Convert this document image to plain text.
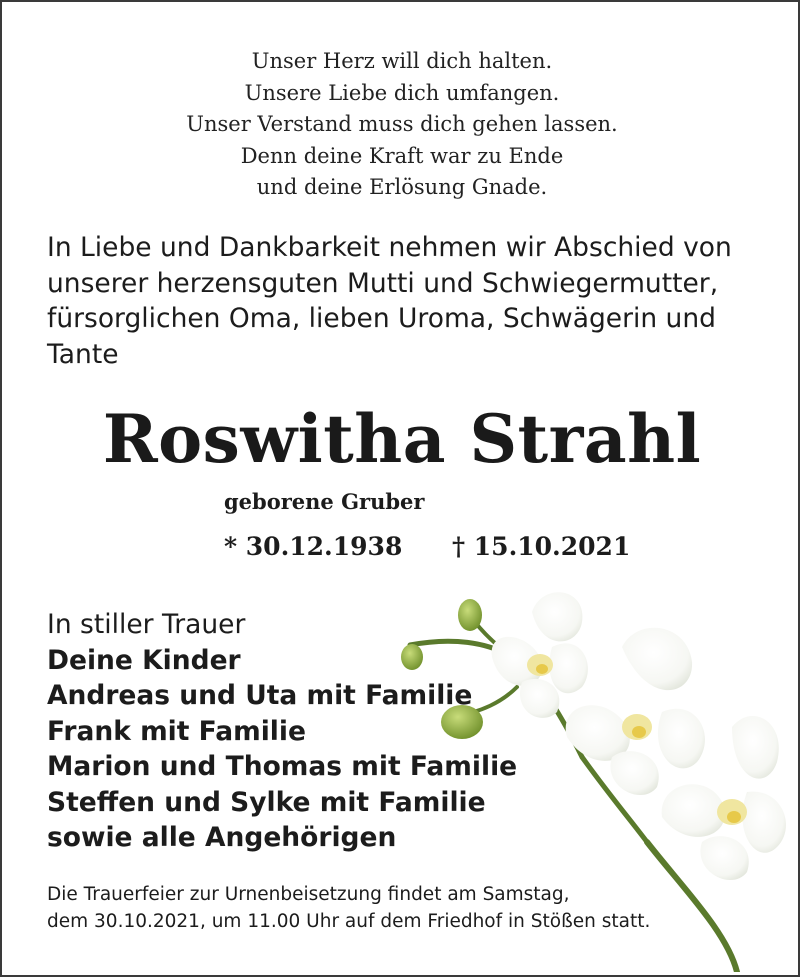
Unser Herz will dich halten.
Unsere Liebe dich umfangen.
Unser Verstand muss dich gehen lassen.
Denn deine Kraft war zu Ende
und deine Erlösung Gnade.
In Liebe und Dankbarkeit nehmen wir Abschied von
unserer herzensguten Mutti und Schwiegermutter,
fürsorglichen Oma, lieben Uroma, Schwägerin und
Tante
Roswitha Strahl
geborene Gruber
* 30.12.1938 † 15.10.2021
In stiller Trauer
Deine Kinder
Andreas und Uta mit Familie
Frank mit Familie
Marion und Thomas mit Familie
Steffen und Sylke mit Familie
sowie alle Angehörigen
Die Trauerfeier zur Urnenbeisetzung findet am Samstag,
dem 30.10.2021, um 11.00 Uhr auf dem Friedhof in Stößen statt.
